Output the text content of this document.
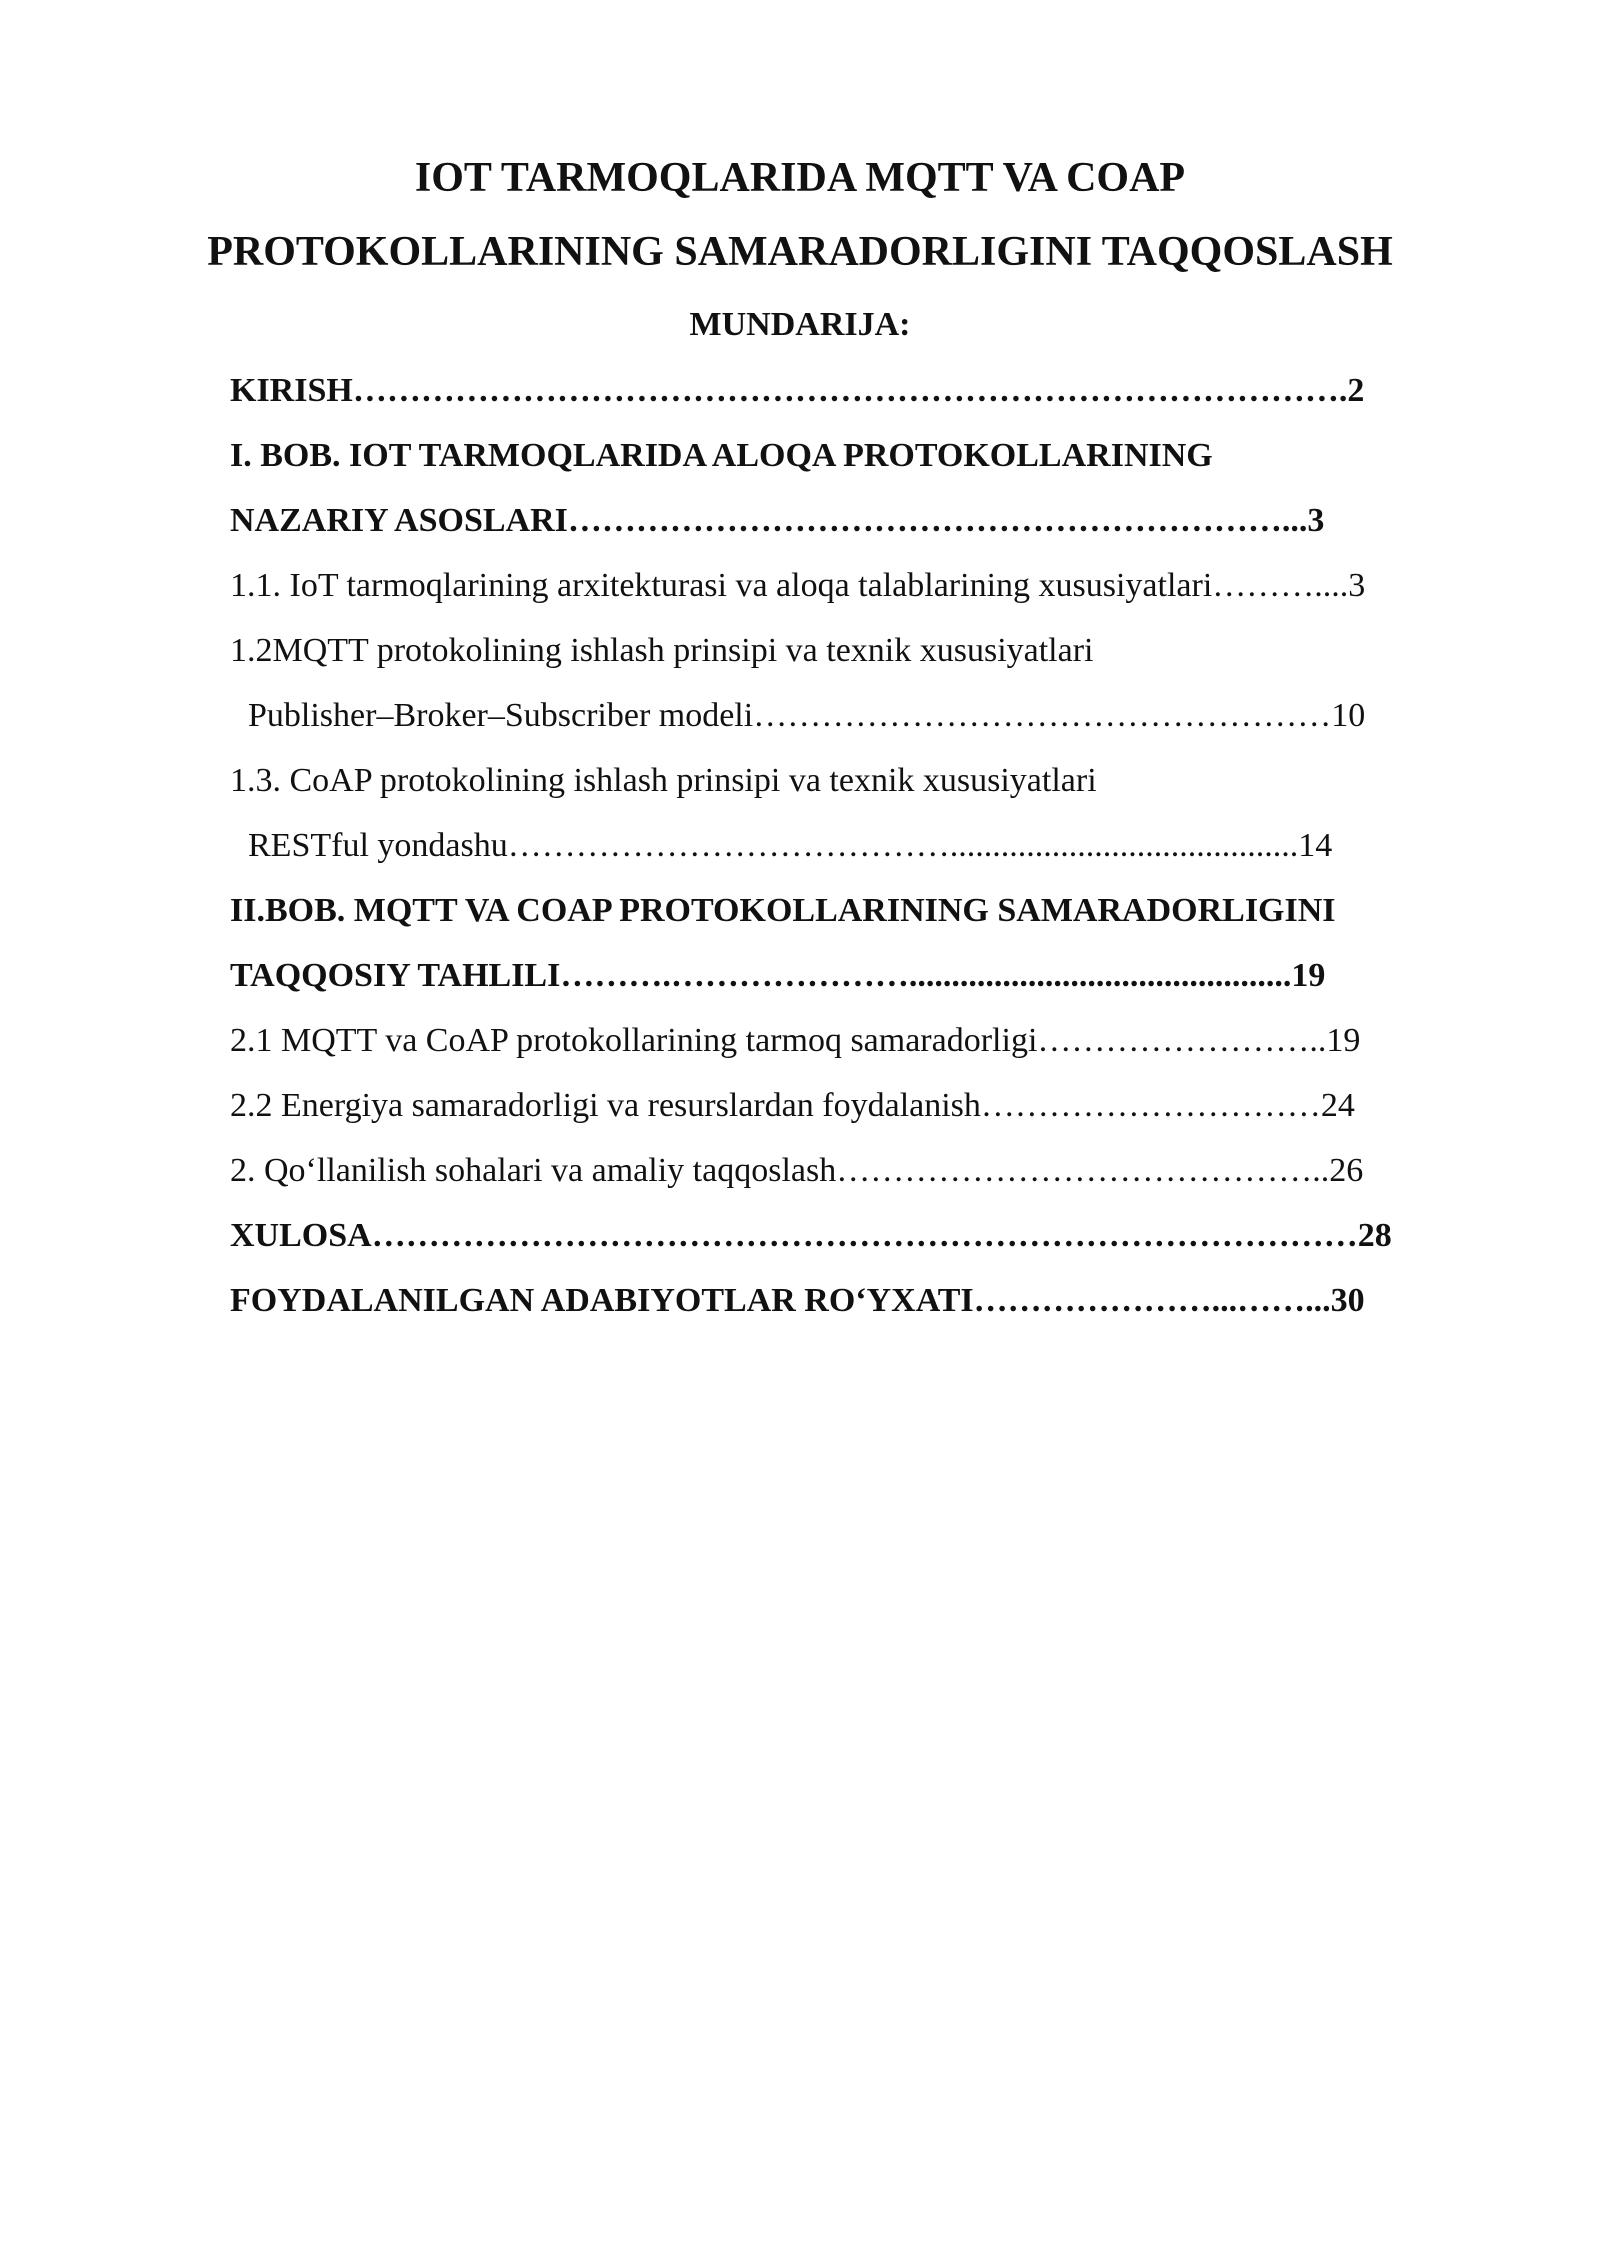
IOT TARMOQLARIDA MQTT VA COAP
PROTOKOLLARINING SAMARADORLIGINI TAQQOSLASH
MUNDARIJA:
KIRISH…………………………………………………………………………….2
I. BOB. IOT TARMOQLARIDA ALOQA PROTOKOLLARINING
NAZARIY ASOSLARI………………………………………………………...3
1.1. IoT tarmoqlarining arxitekturasi va aloqa talablarining xususiyatlari………....3
1.2MQTT protokolining ishlash prinsipi va texnik xususiyatlari
Publisher–Broker–Subscriber modeli……………………………………………10
1.3. CoAP protokolining ishlash prinsipi va texnik xususiyatlari
RESTful yondashu………………………………….........................................14
II.BOB. MQTT VA COAP PROTOKOLLARINING SAMARADORLIGINI
TAQQOSIY TAHLILI……….………………….............................................19
2.1 MQTT va CoAP protokollarining tarmoq samaradorligi……………………..19
2.2 Energiya samaradorligi va resurslardan foydalanish…………………………24
2. Qo‘llanilish sohalari va amaliy taqqoslash……………………………………..26
XULOSA……………………………………………………………………………28
FOYDALANILGAN ADABIYOTLAR RO‘YXATI…………………...……...30
